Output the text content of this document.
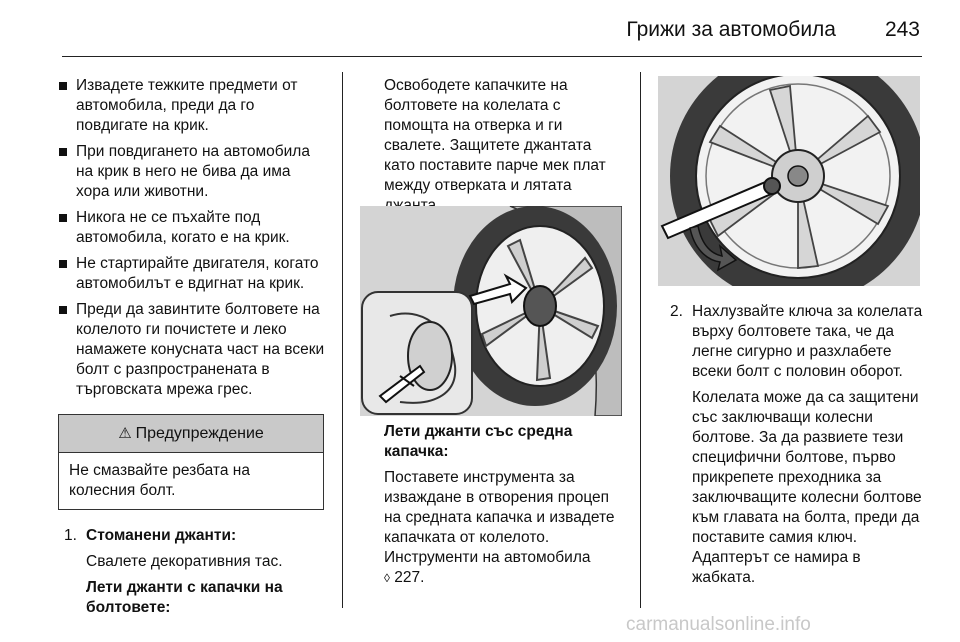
Грижи за автомобила 243
Извадете тежките предмети от автомобила, преди да го повдигате на крик.
При повдигането на автомобила на крик в него не бива да има хора или животни.
Никога не се пъхайте под автомобила, когато е на крик.
Не стартирайте двигателя, когато автомобилът е вдигнат на крик.
Преди да завинтите болтовете на колелото ги почистете и леко намажете конусната част на всеки болт с разпространената в търговската мрежа грес.
⚠ Предупреждение
Не смазвайте резбата на колесния болт.
1. Стоманени джанти:
Свалете декоративния тас.
Лети джанти с капачки на болтовете:
Освободете капачките на болтовете на колелата с помощта на отверка и ги свалете. Защитете джантата като поставите парче мек плат между отверката и лятата
Лети джанти със средна капачка:
Поставете инструмента за изваждане в отворения процеп на средната капачка и извадете капачката от колелото. Инструменти на автомобила
◊ 227.
2. Нахлузвайте ключа за колелата върху болтовете така, че да легне сигурно и разхлабете всеки болт с половин оборот.
Колелата може да са защитени със заключващи колесни болтове. За да развиете тези специфични болтове, първо прикрепете преходника за заключващите колесни болтове към главата на болта, преди да поставите самия ключ. Адаптерът се намира в жабката.
carmanualsonline.info
